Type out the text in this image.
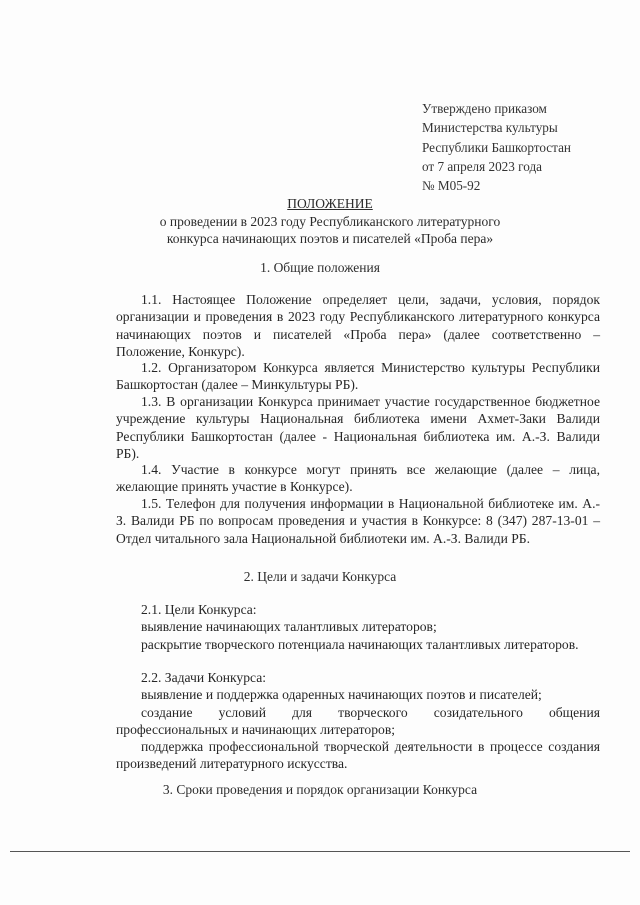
Утверждено приказом
Министерства культуры
Республики Башкортостан
от 7 апреля 2023 года
№ М05-92
ПОЛОЖЕНИЕ
о проведении в 2023 году Республиканского литературного
конкурса начинающих поэтов и писателей «Проба пера»
1. Общие положения
1.1. Настоящее Положение определяет цели, задачи, условия, порядок организации и проведения в 2023 году Республиканского литературного конкурса начинающих поэтов и писателей «Проба пера» (далее соответственно – Положение, Конкурс).
1.2. Организатором Конкурса является Министерство культуры Республики Башкортостан (далее – Минкультуры РБ).
1.3. В организации Конкурса принимает участие государственное бюджетное учреждение культуры Национальная библиотека имени Ахмет-Заки Валиди Республики Башкортостан (далее - Национальная библиотека им. А.-З. Валиди РБ).
1.4. Участие в конкурсе могут принять все желающие (далее – лица, желающие принять участие в Конкурсе).
1.5. Телефон для получения информации в Национальной библиотеке им. А.-З. Валиди РБ по вопросам проведения и участия в Конкурсе: 8 (347) 287-13-01 – Отдел читального зала Национальной библиотеки им. А.-З. Валиди РБ.
2. Цели и задачи Конкурса
2.1. Цели Конкурса:
выявление начинающих талантливых литераторов;
раскрытие творческого потенциала начинающих талантливых литераторов.
2.2. Задачи Конкурса:
выявление и поддержка одаренных начинающих поэтов и писателей;
создание условий для творческого созидательного общения профессиональных и начинающих литераторов;
поддержка профессиональной творческой деятельности в процессе создания произведений литературного искусства.
3. Сроки проведения и порядок организации Конкурса
